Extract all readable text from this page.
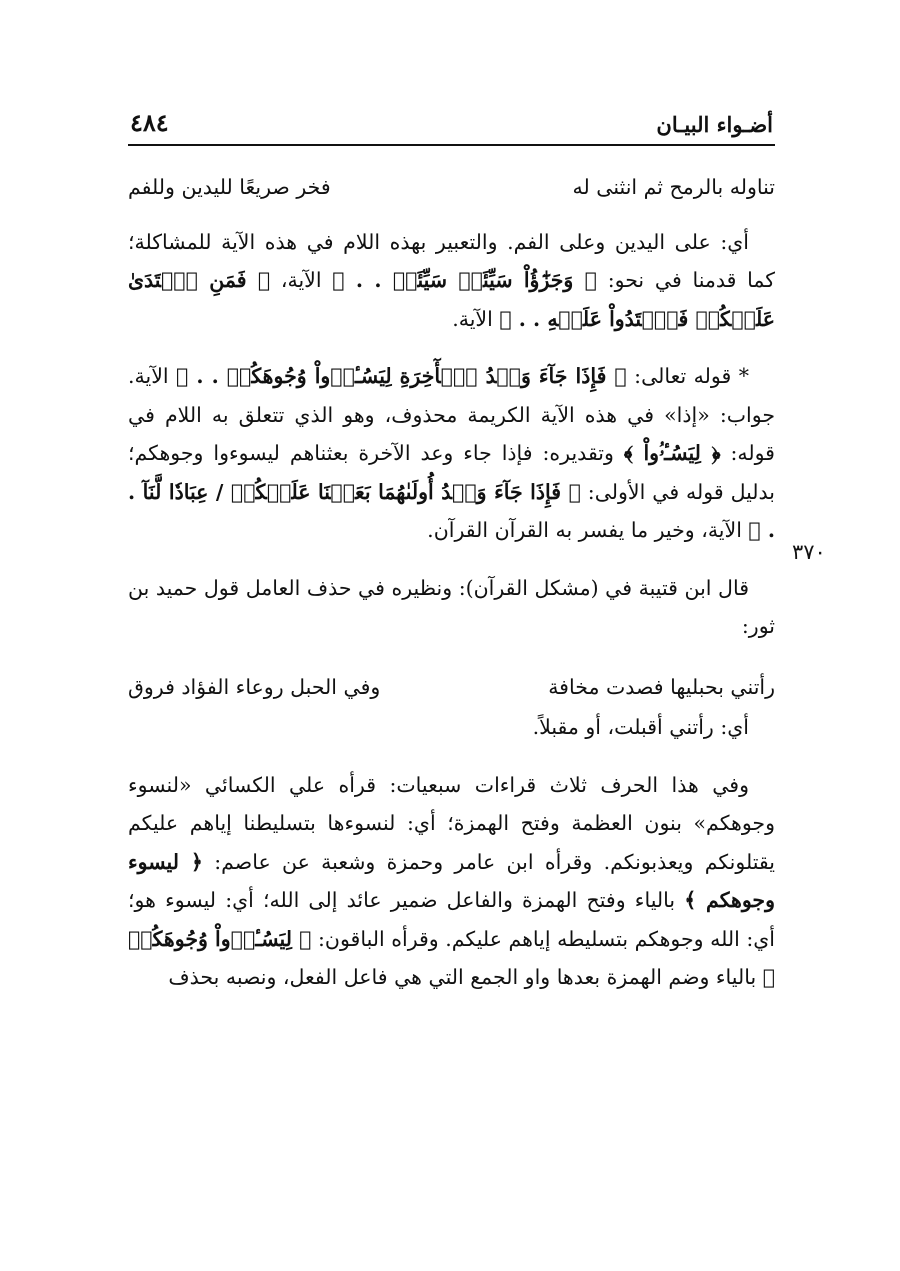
أضـواء البيـان
٤٨٤
تناوله بالرمح ثم انثنى له
فخر صريعًا لليدين وللفم

أي: على اليدين وعلى الفم. والتعبير بهذه اللام في هذه الآية للمشاكلة؛ كما قدمنا في نحو: ﴿ وَجَزَٰٓؤُاْ سَيِّئَةٖ سَيِّئَةٞ . . ﴾ الآية، ﴿ فَمَنِ ٱعۡتَدَىٰ عَلَيۡكُمۡ فَٱعۡتَدُواْ عَلَيۡهِ . . ﴾ الآية.

* قوله تعالى: ﴿ فَإِذَا جَآءَ وَعۡدُ ٱلۡأٓخِرَةِ لِيَسُـٔۥُواْ وُجُوهَكُمۡ . . ﴾ الآية. جواب: «إذا» في هذه الآية الكريمة محذوف، وهو الذي تتعلق به اللام في قوله: ﴿ لِيَسُـٔۥُواْ ﴾ وتقديره: فإذا جاء وعد الآخرة بعثناهم ليسوءوا وجوهكم؛ بدليل قوله في الأولى: ﴿ فَإِذَا جَآءَ وَعۡدُ أُولَىٰهُمَا بَعَثۡنَا عَلَيۡكُمۡ / عِبَادٗا لَّنَآ . . ﴾ الآية، وخير ما يفسر به القرآن القرآن.

قال ابن قتيبة في (مشكل القرآن): ونظيره في حذف العامل قول حميد بن ثور:

رأتني بحبليها فصدت مخافة
وفي الحبل روعاء الفؤاد فروق

أي: رأتني أقبلت، أو مقبلاً.

وفي هذا الحرف ثلاث قراءات سبعيات: قرأه علي الكسائي «لنسوء وجوهكم» بنون العظمة وفتح الهمزة؛ أي: لنسوءها بتسليطنا إياهم عليكم يقتلونكم ويعذبونكم. وقرأه ابن عامر وحمزة وشعبة عن عاصم: ﴿ ليسوء وجوهكم ﴾ بالياء وفتح الهمزة والفاعل ضمير عائد إلى الله؛ أي: ليسوء هو؛ أي: الله وجوهكم بتسليطه إياهم عليكم. وقرأه الباقون: ﴿ لِيَسُـٔۥُواْ وُجُوهَكُمۡ ﴾ بالياء وضم الهمزة بعدها واو الجمع التي هي فاعل الفعل، ونصبه بحذف

٣٧٠
